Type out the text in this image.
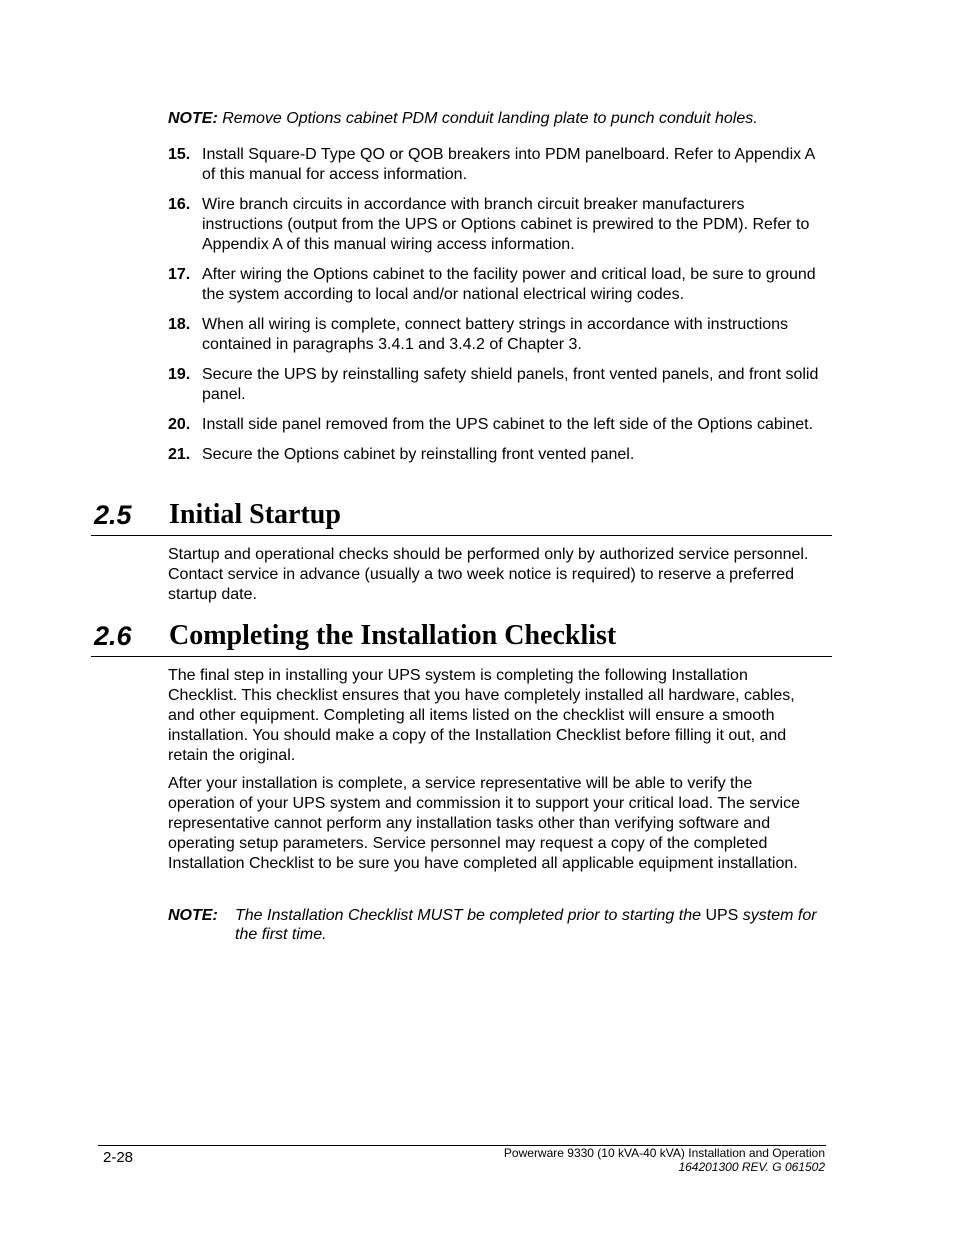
NOTE: Remove Options cabinet PDM conduit landing plate to punch conduit holes.
15. Install Square-D Type QO or QOB breakers into PDM panelboard. Refer to Appendix A of this manual for access information.
16. Wire branch circuits in accordance with branch circuit breaker manufacturers instructions (output from the UPS or Options cabinet is prewired to the PDM). Refer to Appendix A of this manual wiring access information.
17. After wiring the Options cabinet to the facility power and critical load, be sure to ground the system according to local and/or national electrical wiring codes.
18. When all wiring is complete, connect battery strings in accordance with instructions contained in paragraphs 3.4.1 and 3.4.2 of Chapter 3.
19. Secure the UPS by reinstalling safety shield panels, front vented panels, and front solid panel.
20. Install side panel removed from the UPS cabinet to the left side of the Options cabinet.
21. Secure the Options cabinet by reinstalling front vented panel.
2.5 Initial Startup

Startup and operational checks should be performed only by authorized service personnel. Contact service in advance (usually a two week notice is required) to reserve a preferred startup date.

2.6 Completing the Installation Checklist

The final step in installing your UPS system is completing the following Installation Checklist. This checklist ensures that you have completely installed all hardware, cables, and other equipment. Completing all items listed on the checklist will ensure a smooth installation. You should make a copy of the Installation Checklist before filling it out, and retain the original.

After your installation is complete, a service representative will be able to verify the operation of your UPS system and commission it to support your critical load. The service representative cannot perform any installation tasks other than verifying software and operating setup parameters. Service personnel may request a copy of the completed Installation Checklist to be sure you have completed all applicable equipment installation.

NOTE:	The Installation Checklist MUST be completed prior to starting the UPS system for the first time.
2-28	Powerware 9330 (10 kVA-40 kVA) Installation and Operation
164201300 REV. G 061502
